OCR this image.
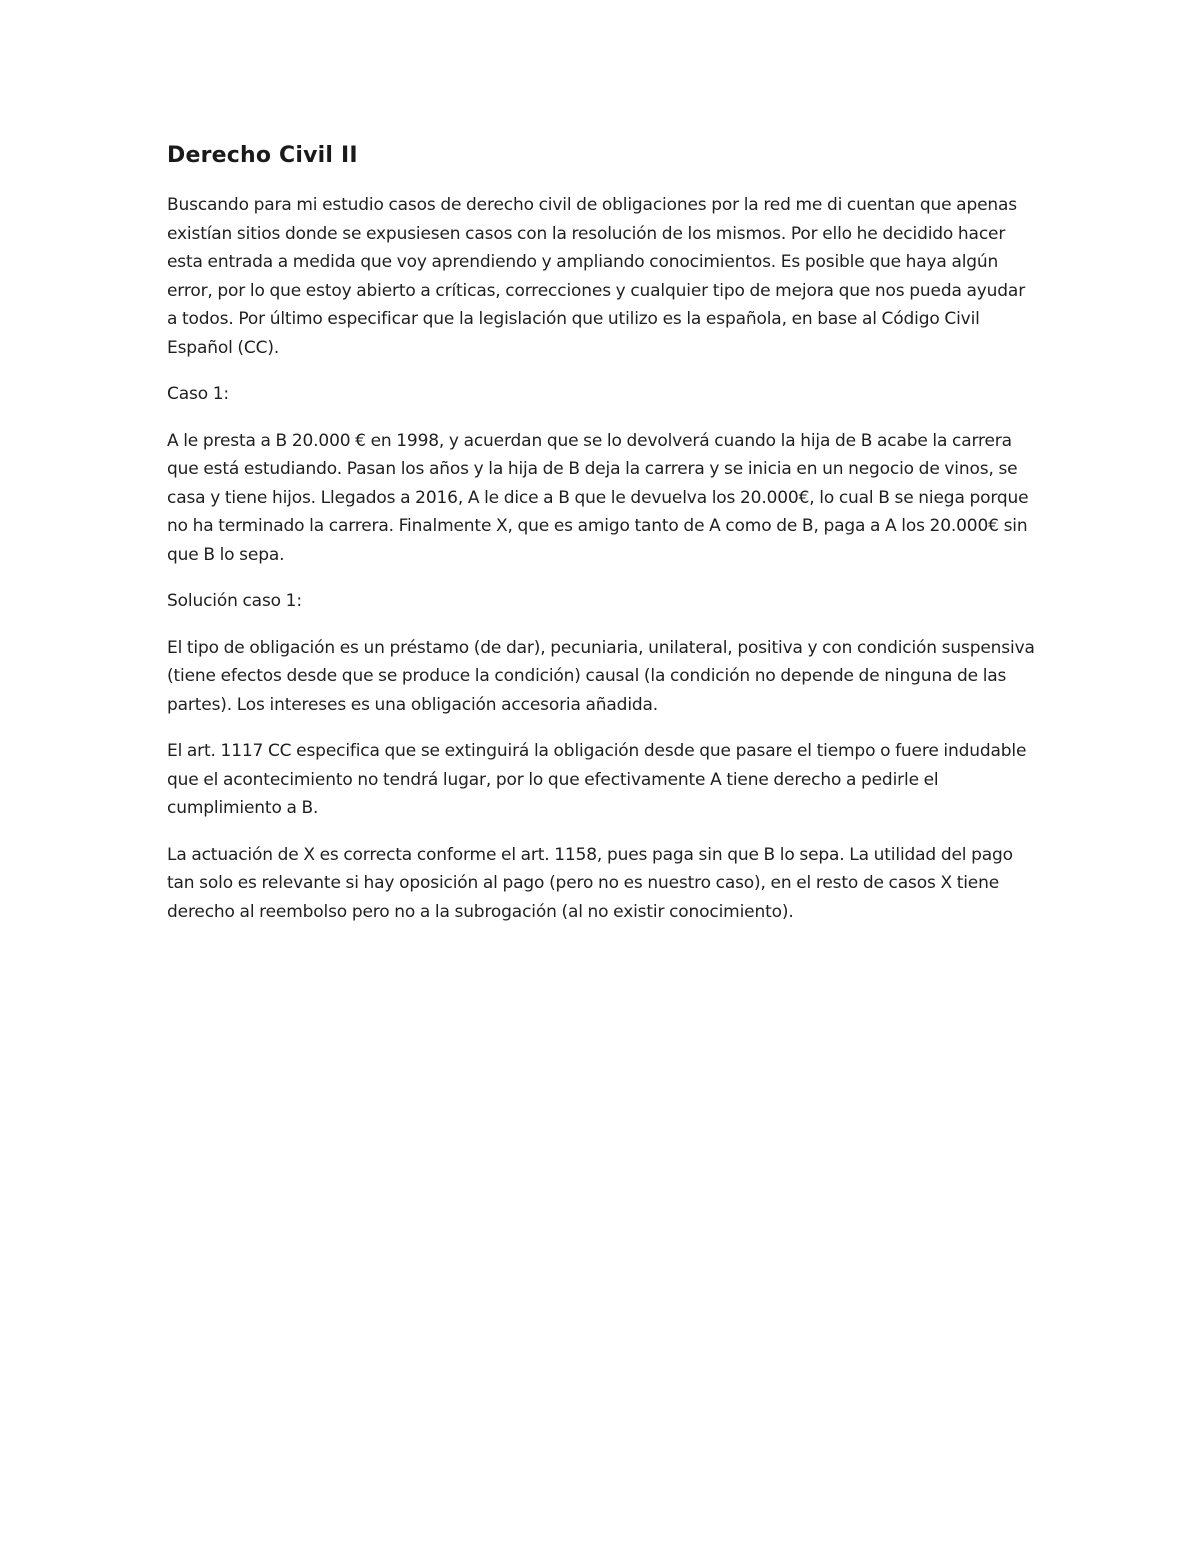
Derecho Civil II

Buscando para mi estudio casos de derecho civil de obligaciones por la red me di cuentan que apenas existían sitios donde se expusiesen casos con la resolución de los mismos. Por ello he decidido hacer esta entrada a medida que voy aprendiendo y ampliando conocimientos. Es posible que haya algún error, por lo que estoy abierto a críticas, correcciones y cualquier tipo de mejora que nos pueda ayudar a todos. Por último especificar que la legislación que utilizo es la española, en base al Código Civil Español (CC).

Caso 1:

A le presta a B 20.000 € en 1998, y acuerdan que se lo devolverá cuando la hija de B acabe la carrera que está estudiando. Pasan los años y la hija de B deja la carrera y se inicia en un negocio de vinos, se casa y tiene hijos. Llegados a 2016, A le dice a B que le devuelva los 20.000€, lo cual B se niega porque no ha terminado la carrera. Finalmente X, que es amigo tanto de A como de B, paga a A los 20.000€ sin que B lo sepa.

Solución caso 1:

El tipo de obligación es un préstamo (de dar), pecuniaria, unilateral, positiva y con condición suspensiva (tiene efectos desde que se produce la condición) causal (la condición no depende de ninguna de las partes). Los intereses es una obligación accesoria añadida.

El art. 1117 CC especifica que se extinguirá la obligación desde que pasare el tiempo o fuere indudable que el acontecimiento no tendrá lugar, por lo que efectivamente A tiene derecho a pedirle el cumplimiento a B.

La actuación de X es correcta conforme el art. 1158, pues paga sin que B lo sepa. La utilidad del pago tan solo es relevante si hay oposición al pago (pero no es nuestro caso), en el resto de casos X tiene derecho al reembolso pero no a la subrogación (al no existir conocimiento).
